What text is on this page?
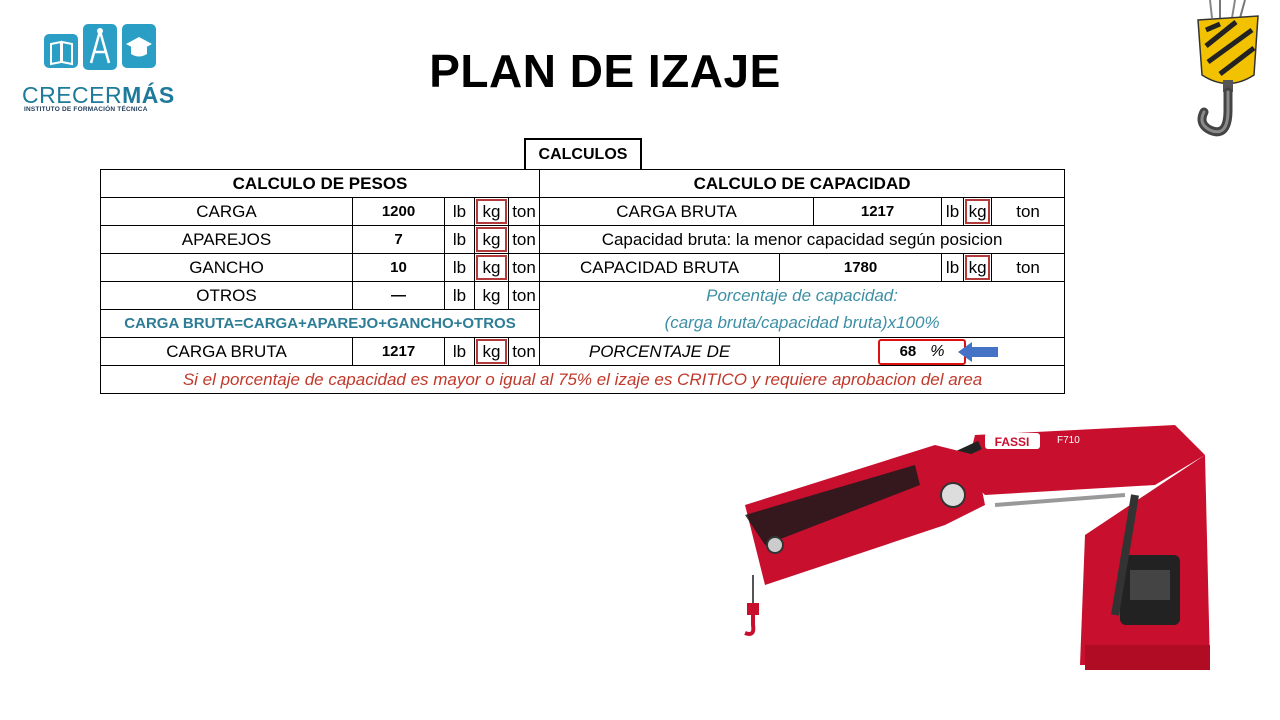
CRECERMÁS
INSTITUTO DE FORMACIÓN TÉCNICA
PLAN DE IZAJE
CALCULOS
CALCULO DE PESOS					CALCULO DE CAPACIDAD					
CARGA	1200	lb	kg	ton	CARGA BRUTA		1217	lb	kg	ton
APAREJOS	7	lb	kg	ton	Capacidad bruta: la menor capacidad según posicion					
GANCHO	10	lb	kg	ton	CAPACIDAD BRUTA	1780		lb	kg	ton
OTROS	—	lb	kg	ton	Porcentaje de capacidad:					
CARGA BRUTA=CARGA+APAREJO+GANCHO+OTROS					(carga bruta/capacidad bruta)x100%					
CARGA BRUTA	1217	lb	kg	ton	PORCENTAJE DE	68 %				

Si el porcentaje de capacidad es mayor o igual al 75% el izaje es CRITICO y requiere aprobacion del area										
FASSI	F710
